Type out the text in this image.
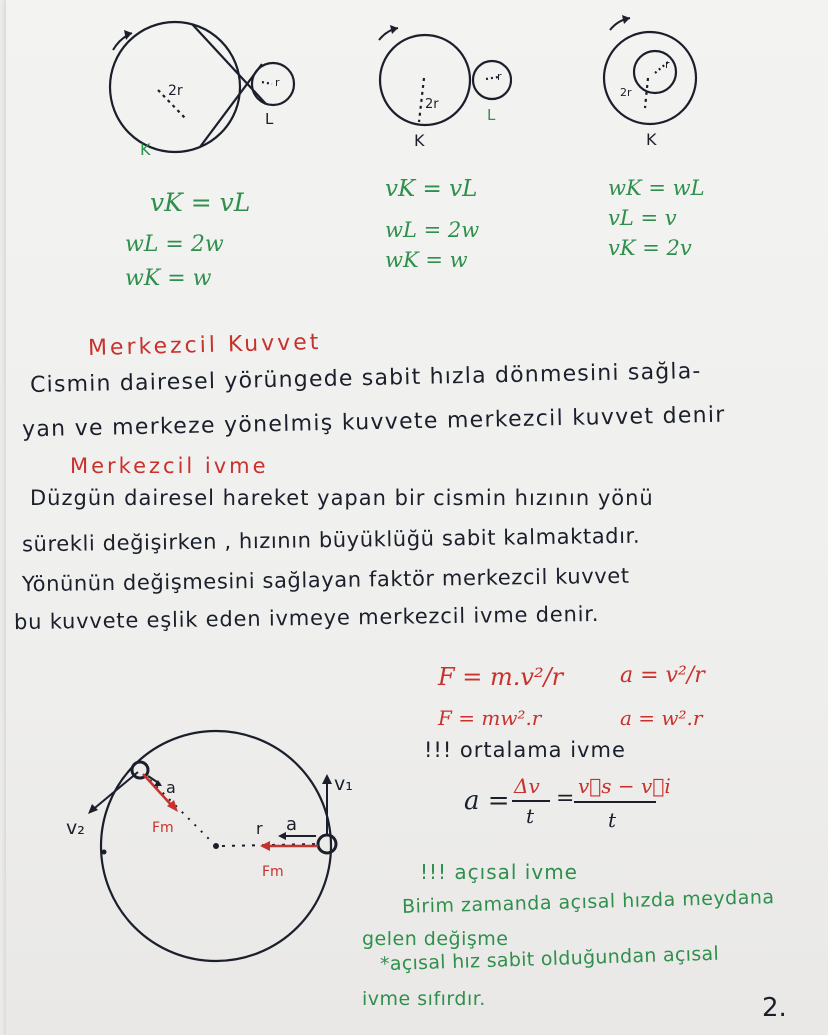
2r
r
L
K
2r
r
L
K
2r
r
K
vK = vL
wL = 2w
wK = w
vK = vL
wL = 2w
wK = w
wK = wL
vL = v
vK = 2v
Merkezcil Kuvvet
Cismin dairesel yörüngede sabit hızla dönmesini sağla-
yan ve merkeze yönelmiş kuvvete merkezcil kuvvet denir
Merkezcil ivme
Düzgün dairesel hareket yapan bir cismin hızının yönü
sürekli değişirken , hızının büyüklüğü sabit kalmaktadır.
Yönünün değişmesini sağlayan faktör merkezcil kuvvet
bu kuvvete eşlik eden ivmeye merkezcil ivme denir.
F = m.v²/r
F = mw².r
a = v²/r
a = w².r
!!! ortalama ivme
a = Δv
t
= v⃗s − v⃗i
t
!!! açısal ivme
Birim zamanda açısal hızda meydana
gelen değişme
*açısal hız sabit olduğundan açısal
ivme sıfırdır.	2.
v₂
v₁
a
a
Fm
Fm
r
